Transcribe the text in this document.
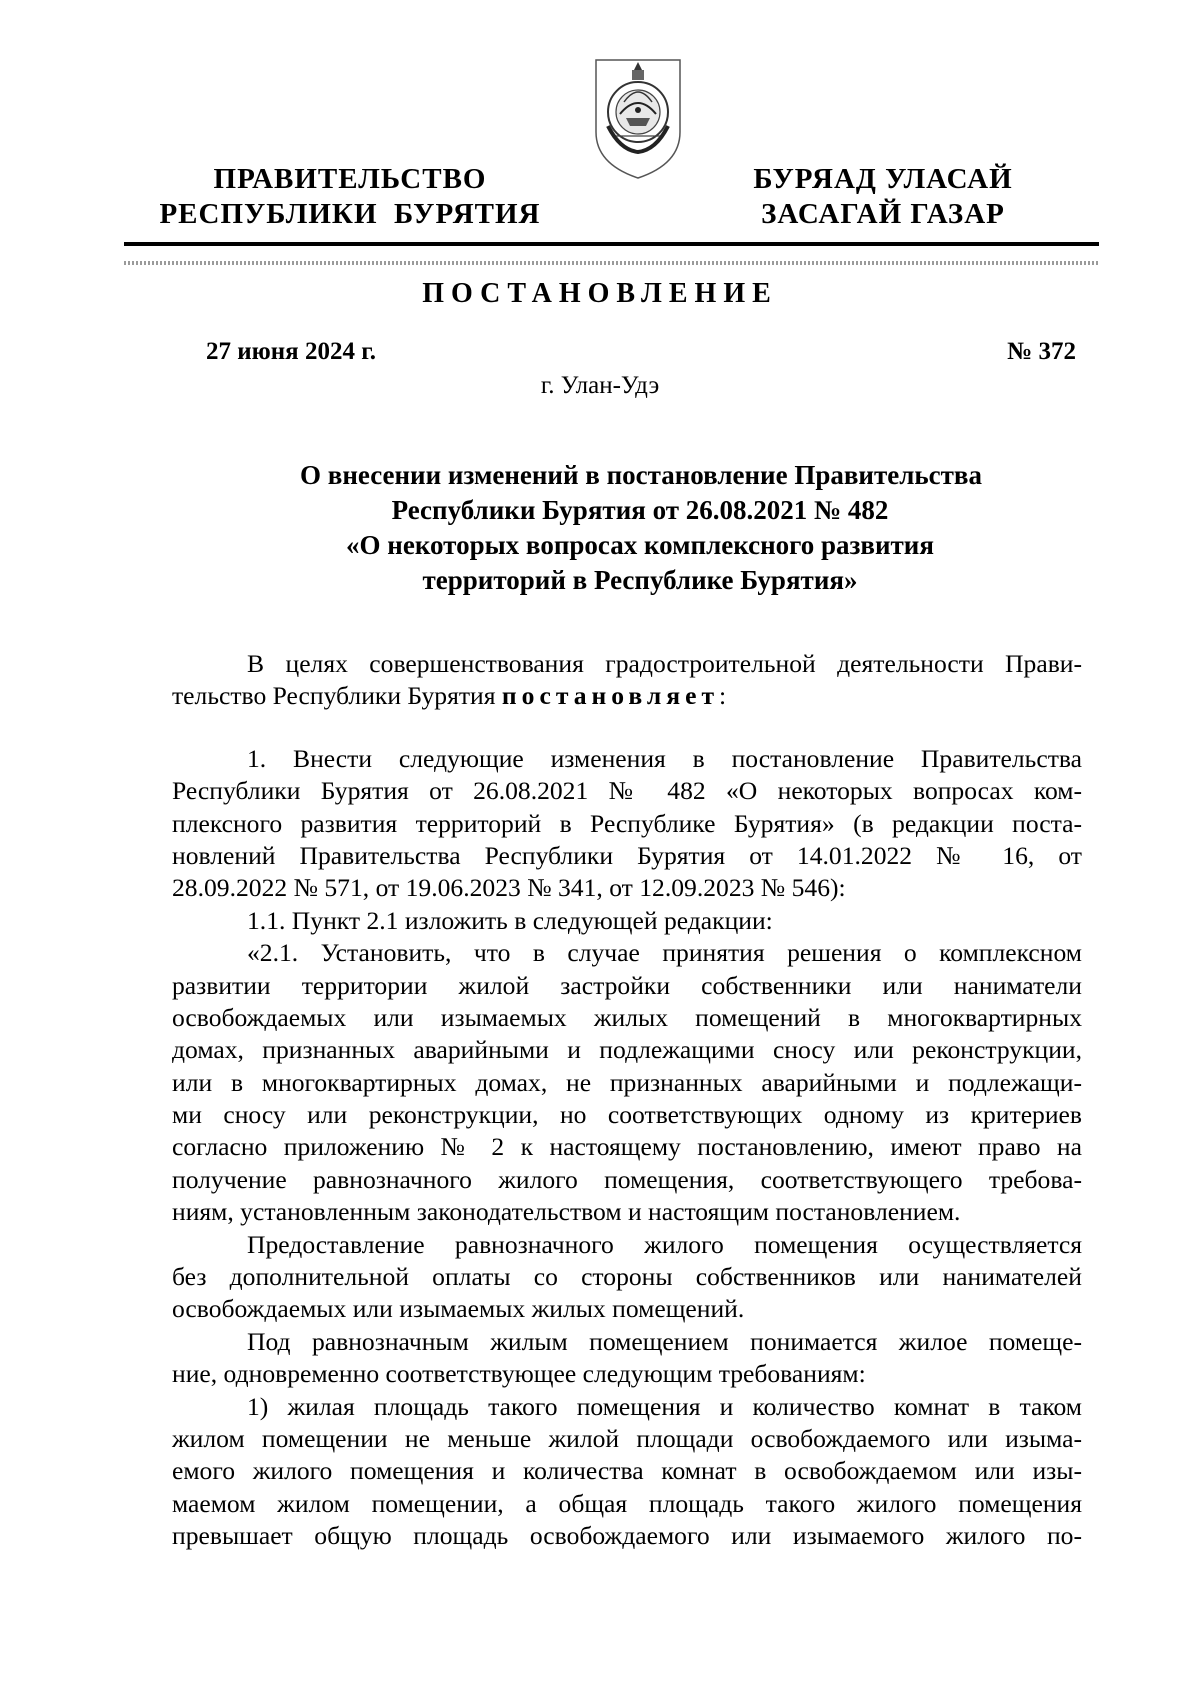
ПРАВИТЕЛЬСТВО
РЕСПУБЛИКИ  БУРЯТИЯ
БУРЯАД УЛАСАЙ
ЗАСАГАЙ ГАЗАР
ПОСТАНОВЛЕНИЕ
27 июня 2024 г.	№ 372
г. Улан-Удэ
О внесении изменений в постановление Правительства
Республики Бурятия от 26.08.2021 № 482
«О некоторых вопросах комплексного развития
территорий в Республике Бурятия»
В целях совершенствования градостроительной деятельности Прави-
тельство Республики Бурятия постановляет:
1. Внести следующие изменения в постановление Правительства
Республики Бурятия от 26.08.2021 № 482 «О некоторых вопросах ком-
плексного развития территорий в Республике Бурятия» (в редакции поста-
новлений Правительства Республики Бурятия от 14.01.2022 № 16, от
28.09.2022 № 571, от 19.06.2023 № 341, от 12.09.2023 № 546):
1.1. Пункт 2.1 изложить в следующей редакции:
«2.1. Установить, что в случае принятия решения о комплексном
развитии территории жилой застройки собственники или наниматели
освобождаемых или изымаемых жилых помещений в многоквартирных
домах, признанных аварийными и подлежащими сносу или реконструкции,
или в многоквартирных домах, не признанных аварийными и подлежащи-
ми сносу или реконструкции, но соответствующих одному из критериев
согласно приложению № 2 к настоящему постановлению, имеют право на
получение равнозначного жилого помещения, соответствующего требова-
ниям, установленным законодательством и настоящим постановлением.
Предоставление равнозначного жилого помещения осуществляется
без дополнительной оплаты со стороны собственников или нанимателей
освобождаемых или изымаемых жилых помещений.
Под равнозначным жилым помещением понимается жилое помеще-
ние, одновременно соответствующее следующим требованиям:
1) жилая площадь такого помещения и количество комнат в таком
жилом помещении не меньше жилой площади освобождаемого или изыма-
емого жилого помещения и количества комнат в освобождаемом или изы-
маемом жилом помещении, а общая площадь такого жилого помещения
превышает общую площадь освобождаемого или изымаемого жилого по-
